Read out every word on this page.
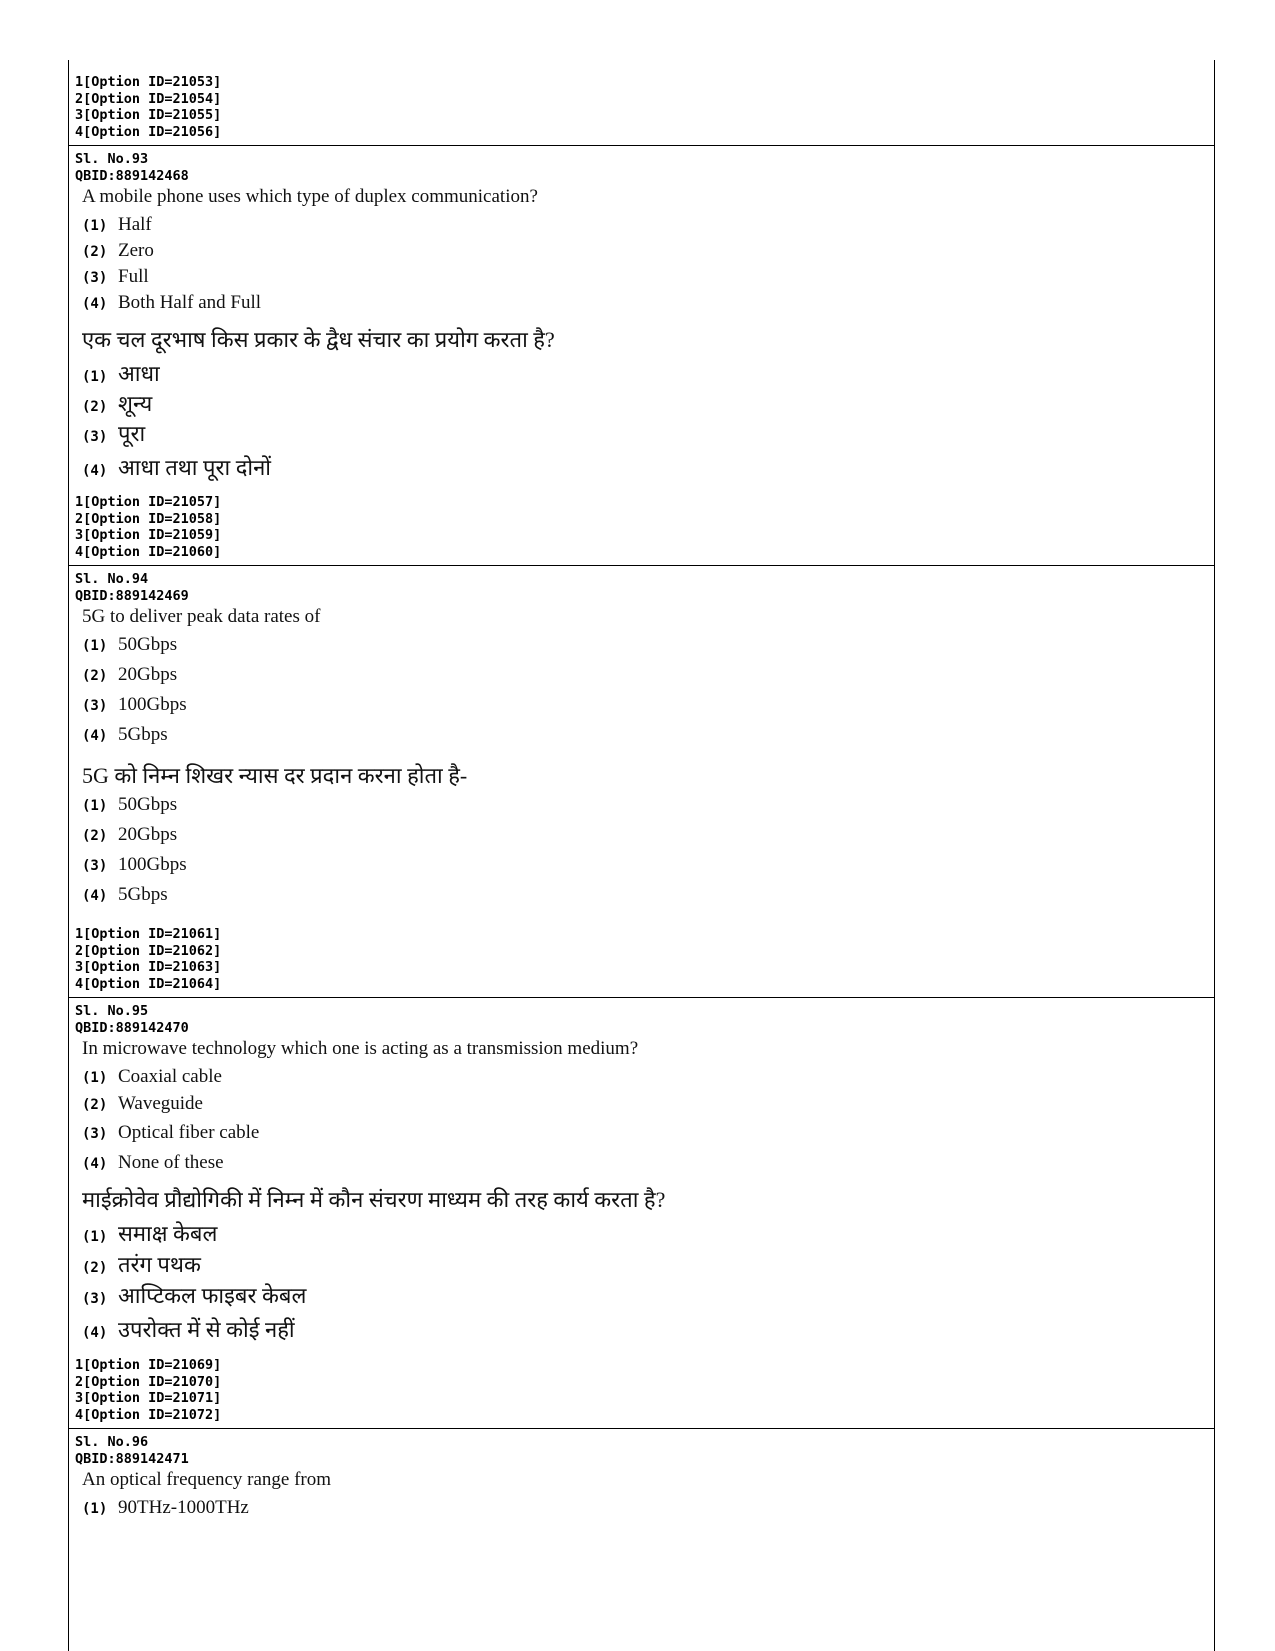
1[Option ID=21053]
2[Option ID=21054]
3[Option ID=21055]
4[Option ID=21056]
Sl. No.93
QBID:889142468
A mobile phone uses which type of duplex communication?
(1) Half
(2) Zero
(3) Full
(4) Both Half and Full
एक चल दूरभाष किस प्रकार के द्वैध संचार का प्रयोग करता है?
(1) आधा
(2) शून्य
(3) पूरा
(4) आधा तथा पूरा दोनों
1[Option ID=21057]
2[Option ID=21058]
3[Option ID=21059]
4[Option ID=21060]
Sl. No.94
QBID:889142469
5G to deliver peak data rates of
(1) 50Gbps
(2) 20Gbps
(3) 100Gbps
(4) 5Gbps
5G को निम्न शिखर न्यास दर प्रदान करना होता है-
(1) 50Gbps
(2) 20Gbps
(3) 100Gbps
(4) 5Gbps
1[Option ID=21061]
2[Option ID=21062]
3[Option ID=21063]
4[Option ID=21064]
Sl. No.95
QBID:889142470
In microwave technology which one is acting as a transmission medium?
(1) Coaxial cable
(2) Waveguide
(3) Optical fiber cable
(4) None of these
माईक्रोवेव प्रौद्योगिकी में निम्न में कौन संचरण माध्यम की तरह कार्य करता है?
(1) समाक्ष केबल
(2) तरंग पथक
(3) आप्टिकल फाइबर केबल
(4) उपरोक्त में से कोई नहीं
1[Option ID=21069]
2[Option ID=21070]
3[Option ID=21071]
4[Option ID=21072]
Sl. No.96
QBID:889142471
An optical frequency range from
(1) 90THz-1000THz
